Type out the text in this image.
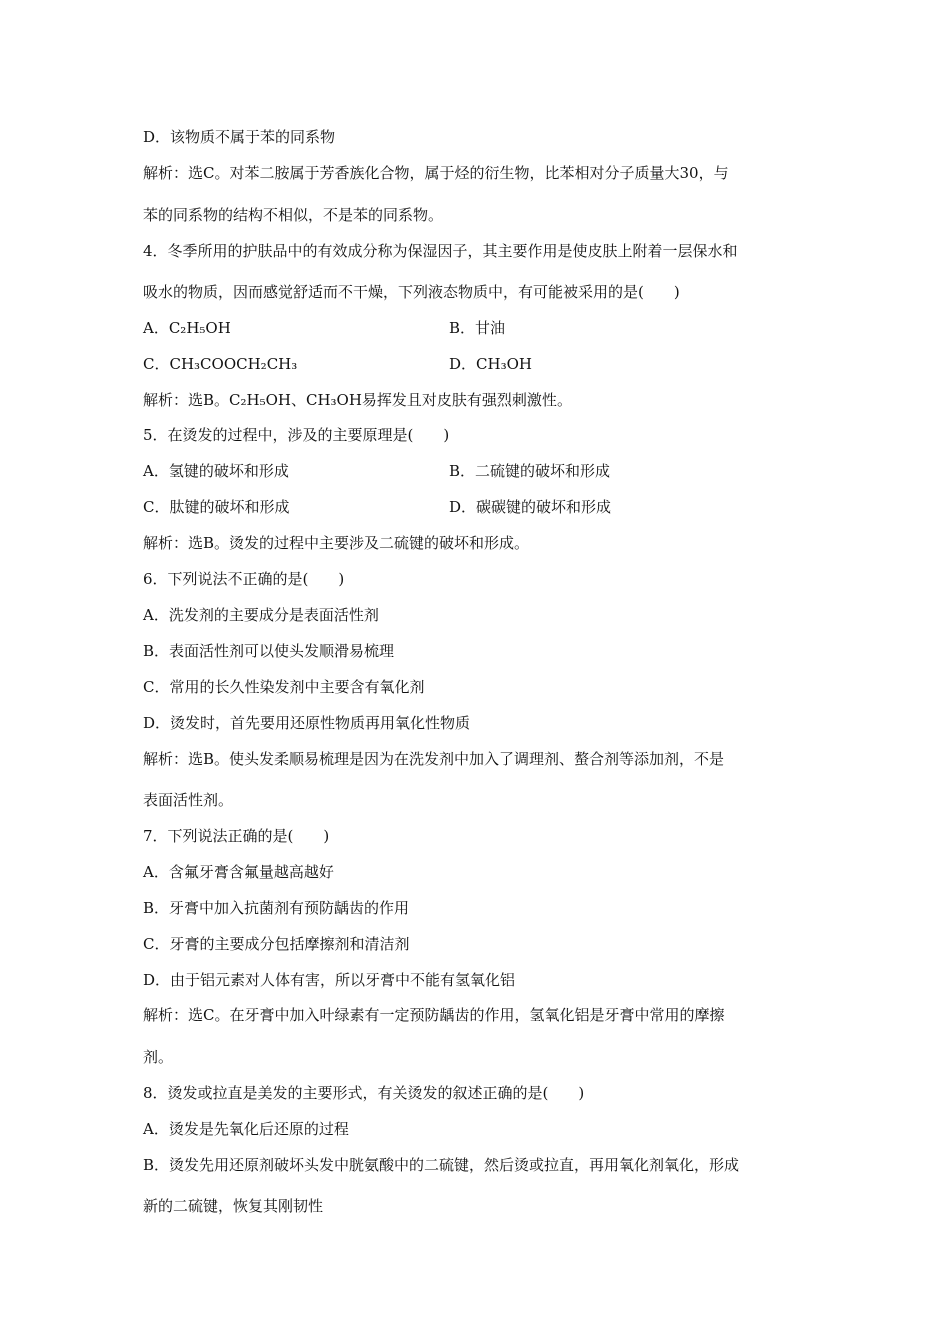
D．该物质不属于苯的同系物
解析：选C。对苯二胺属于芳香族化合物，属于烃的衍生物，比苯相对分子质量大30，与
苯的同系物的结构不相似，不是苯的同系物。
4．冬季所用的护肤品中的有效成分称为保湿因子，其主要作用是使皮肤上附着一层保水和
吸水的物质，因而感觉舒适而不干燥，下列液态物质中，有可能被采用的是(　　)
A．C₂H₅OH	B．甘油
C．CH₃COOCH₂CH₃	D．CH₃OH
解析：选B。C₂H₅OH、CH₃OH易挥发且对皮肤有强烈刺激性。
5．在烫发的过程中，涉及的主要原理是(　　)
A．氢键的破坏和形成	B．二硫键的破坏和形成
C．肽键的破坏和形成	D．碳碳键的破坏和形成
解析：选B。烫发的过程中主要涉及二硫键的破坏和形成。
6．下列说法不正确的是(　　)
A．洗发剂的主要成分是表面活性剂
B．表面活性剂可以使头发顺滑易梳理
C．常用的长久性染发剂中主要含有氧化剂
D．烫发时，首先要用还原性物质再用氧化性物质
解析：选B。使头发柔顺易梳理是因为在洗发剂中加入了调理剂、螯合剂等添加剂，不是
表面活性剂。
7．下列说法正确的是(　　)
A．含氟牙膏含氟量越高越好
B．牙膏中加入抗菌剂有预防龋齿的作用
C．牙膏的主要成分包括摩擦剂和清洁剂
D．由于铝元素对人体有害，所以牙膏中不能有氢氧化铝
解析：选C。在牙膏中加入叶绿素有一定预防龋齿的作用，氢氧化铝是牙膏中常用的摩擦
剂。
8．烫发或拉直是美发的主要形式，有关烫发的叙述正确的是(　　)
A．烫发是先氧化后还原的过程
B．烫发先用还原剂破坏头发中胱氨酸中的二硫键，然后烫或拉直，再用氧化剂氧化，形成
新的二硫键，恢复其刚韧性
